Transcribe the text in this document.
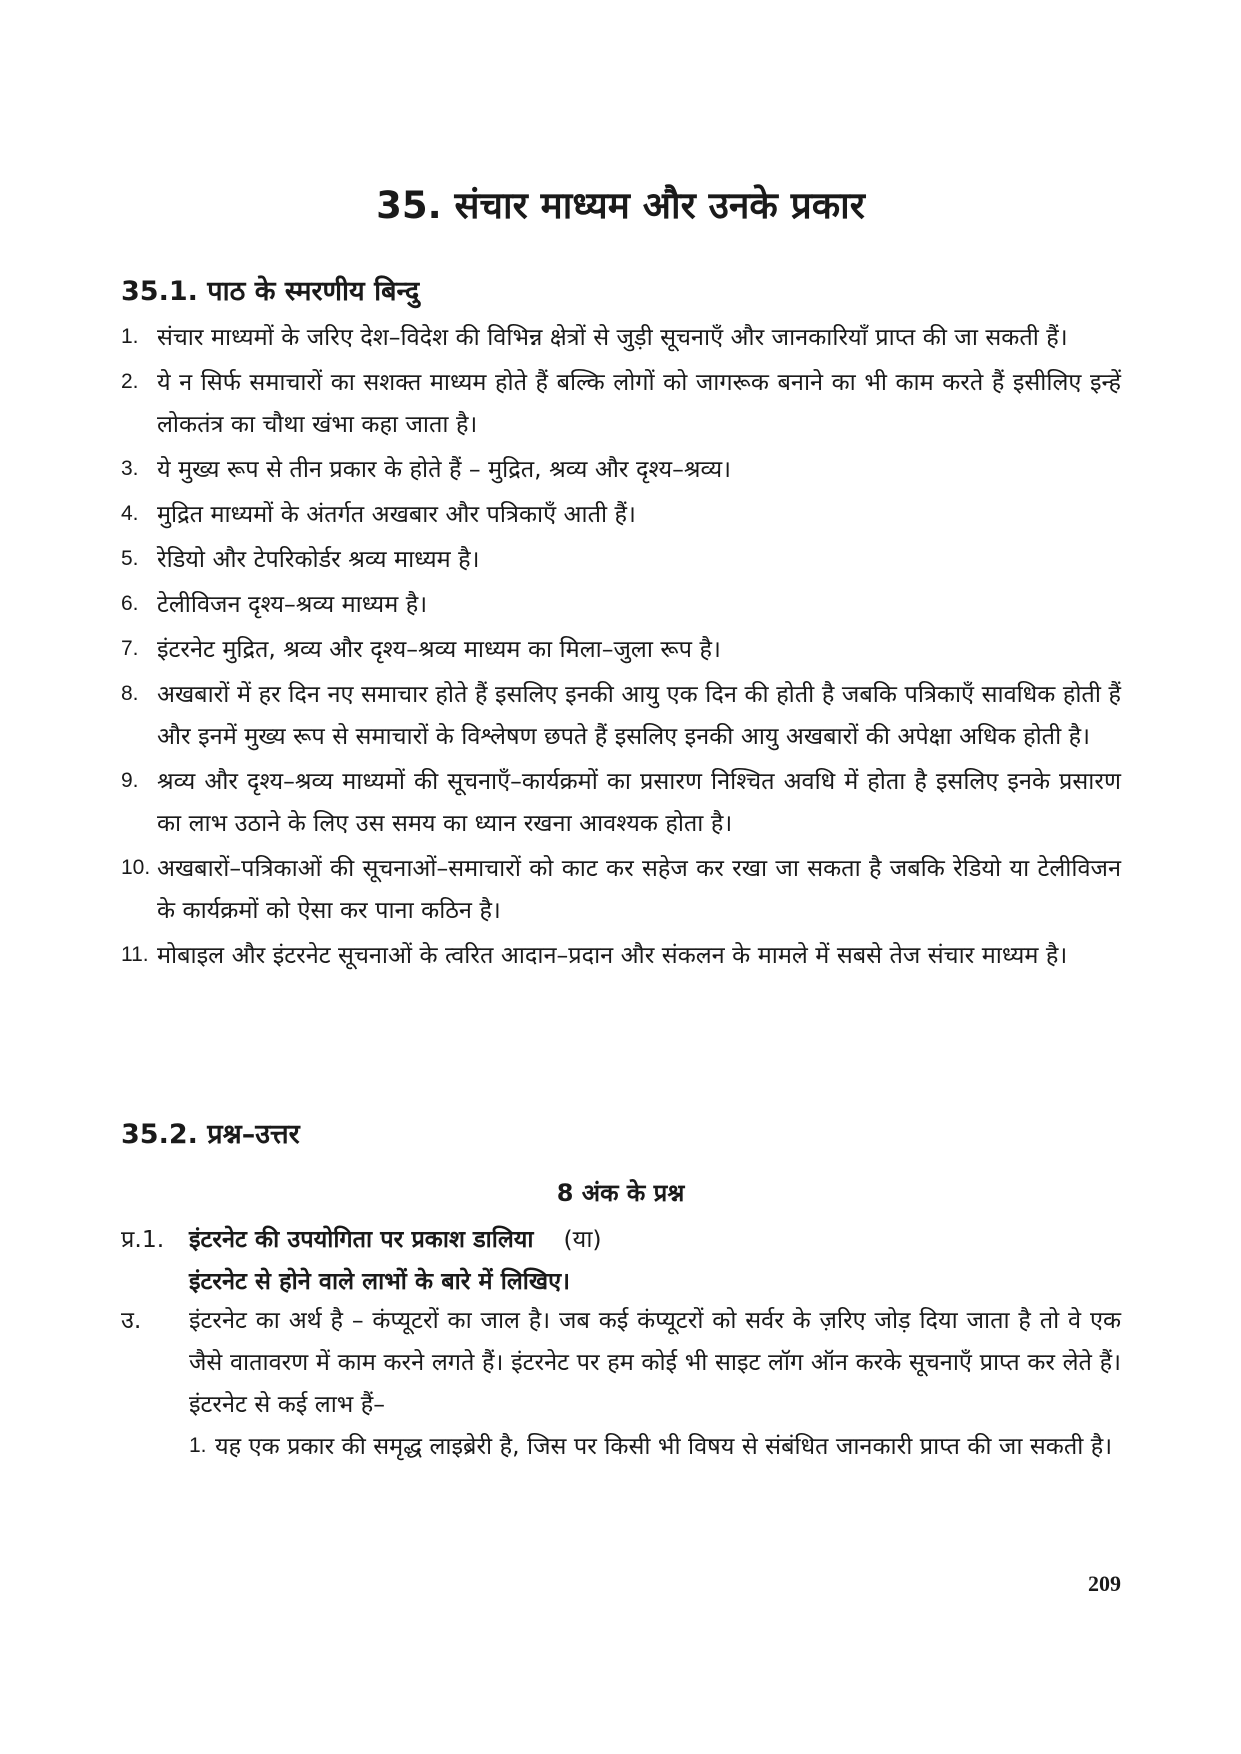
35. संचार माध्यम और उनके प्रकार
35.1. पाठ के स्मरणीय बिन्दु
1. संचार माध्यमों के जरिए देश–विदेश की विभिन्न क्षेत्रों से जुड़ी सूचनाएँ और जानकारियाँ प्राप्त की जा सकती हैं।
2. ये न सिर्फ समाचारों का सशक्त माध्यम होते हैं बल्कि लोगों को जागरूक बनाने का भी काम करते हैं इसीलिए इन्हें लोकतंत्र का चौथा खंभा कहा जाता है।
3. ये मुख्य रूप से तीन प्रकार के होते हैं – मुद्रित, श्रव्य और दृश्य–श्रव्य।
4. मुद्रित माध्यमों के अंतर्गत अखबार और पत्रिकाएँ आती हैं।
5. रेडियो और टेपरिकोर्डर श्रव्य माध्यम है।
6. टेलीविजन दृश्य–श्रव्य माध्यम है।
7. इंटरनेट मुद्रित, श्रव्य और दृश्य–श्रव्य माध्यम का मिला–जुला रूप है।
8. अखबारों में हर दिन नए समाचार होते हैं इसलिए इनकी आयु एक दिन की होती है जबकि पत्रिकाएँ सावधिक होती हैं और इनमें मुख्य रूप से समाचारों के विश्लेषण छपते हैं इसलिए इनकी आयु अखबारों की अपेक्षा अधिक होती है।
9. श्रव्य और दृश्य–श्रव्य माध्यमों की सूचनाएँ–कार्यक्रमों का प्रसारण निश्चित अवधि में होता है इसलिए इनके प्रसारण का लाभ उठाने के लिए उस समय का ध्यान रखना आवश्यक होता है।
10. अखबारों–पत्रिकाओं की सूचनाओं–समाचारों को काट कर सहेज कर रखा जा सकता है जबकि रेडियो या टेलीविजन के कार्यक्रमों को ऐसा कर पाना कठिन है।
11. मोबाइल और इंटरनेट सूचनाओं के त्वरित आदान–प्रदान और संकलन के मामले में सबसे तेज संचार माध्यम है।
35.2. प्रश्न–उत्तर
8 अंक के प्रश्न
प्र.1.	इंटरनेट की उपयोगिता पर प्रकाश डालिया (या)
इंटरनेट से होने वाले लाभों के बारे में लिखिए।
उ.	इंटरनेट का अर्थ है – कंप्यूटरों का जाल है। जब कई कंप्यूटरों को सर्वर के ज़रिए जोड़ दिया जाता है तो वे एक जैसे वातावरण में काम करने लगते हैं। इंटरनेट पर हम कोई भी साइट लॉग ऑन करके सूचनाएँ प्राप्त कर लेते हैं। इंटरनेट से कई लाभ हैं–
1. यह एक प्रकार की समृद्ध लाइब्रेरी है, जिस पर किसी भी विषय से संबंधित जानकारी प्राप्त की जा सकती है।

209
